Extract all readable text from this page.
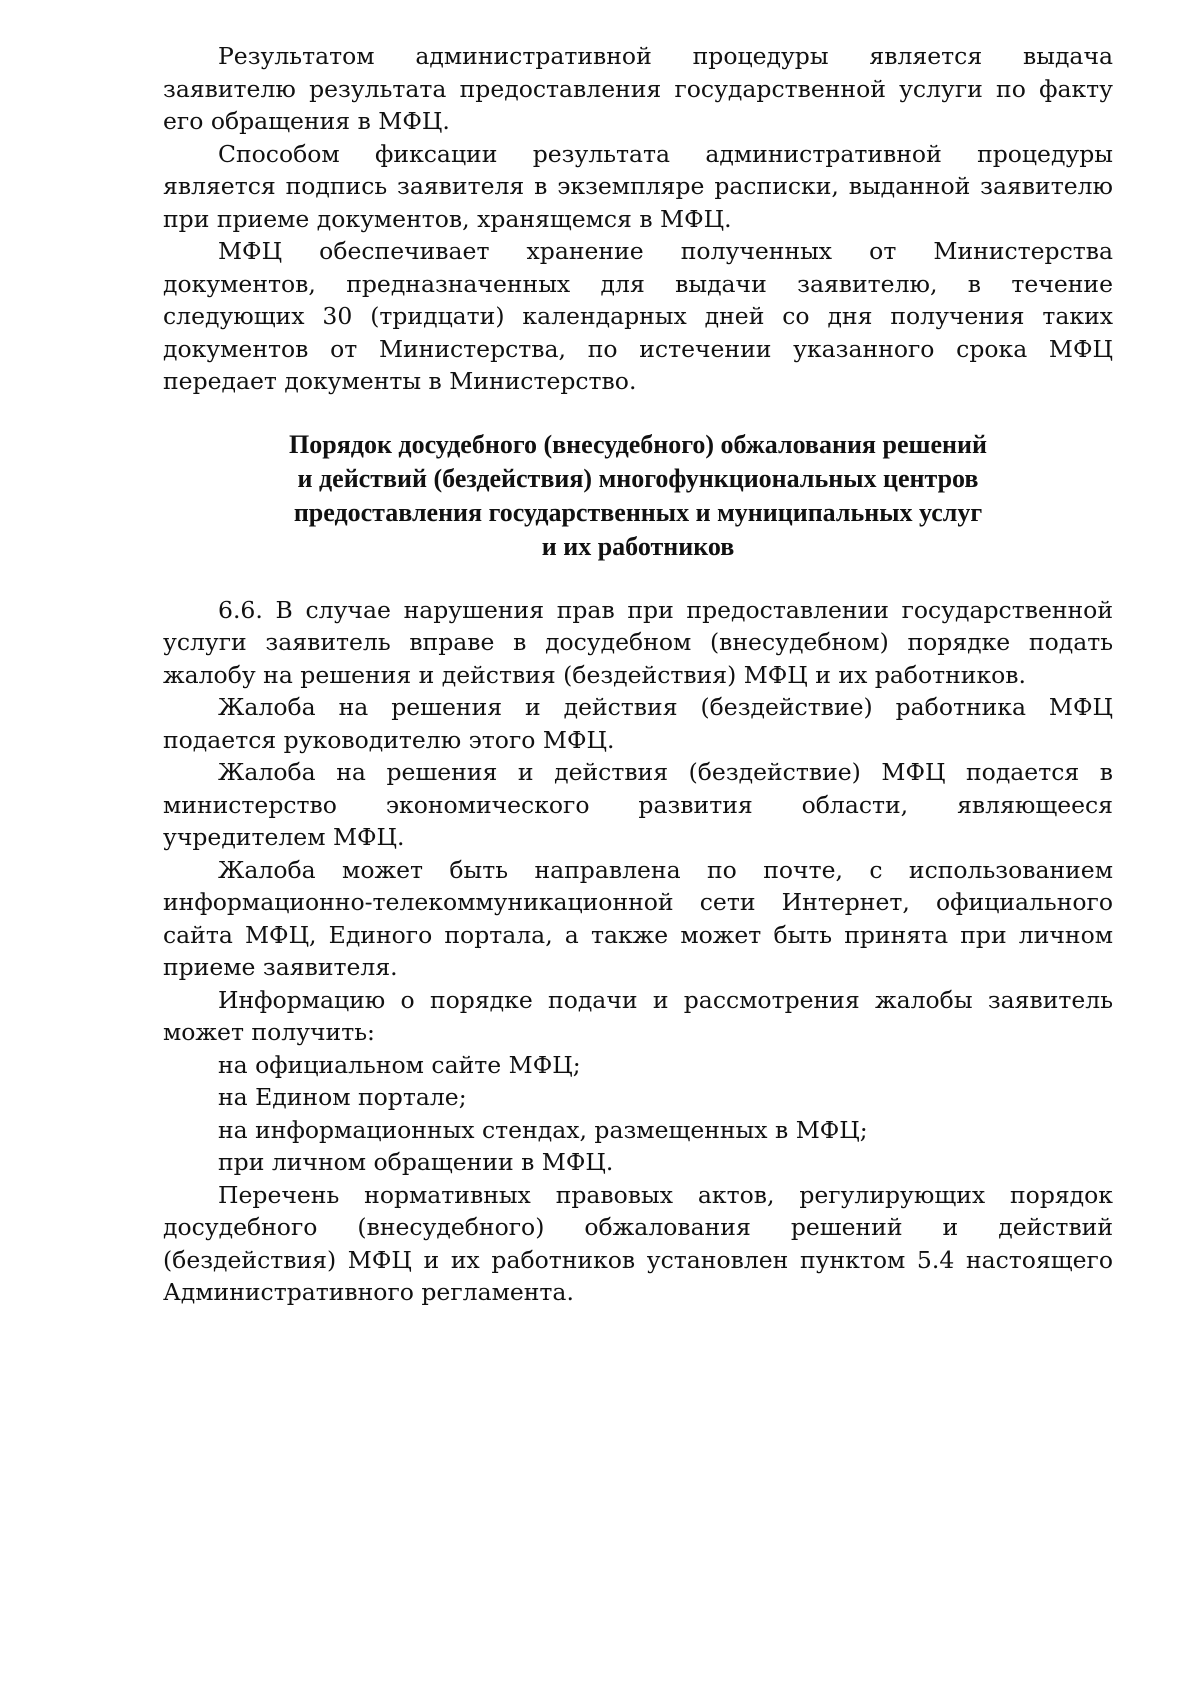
Результатом административной процедуры является выдача заявителю результата предоставления государственной услуги по факту его обращения в МФЦ.

Способом фиксации результата административной процедуры является подпись заявителя в экземпляре расписки, выданной заявителю при приеме документов, хранящемся в МФЦ.

МФЦ обеспечивает хранение полученных от Министерства документов, предназначенных для выдачи заявителю, в течение следующих 30 (тридцати) календарных дней со дня получения таких документов от Министерства, по истечении указанного срока МФЦ передает документы в Министерство.

Порядок досудебного (внесудебного) обжалования решений
и действий (бездействия) многофункциональных центров
предоставления государственных и муниципальных услуг
и их работников

6.6. В случае нарушения прав при предоставлении государственной услуги заявитель вправе в досудебном (внесудебном) порядке подать жалобу на решения и действия (бездействия) МФЦ и их работников.

Жалоба на решения и действия (бездействие) работника МФЦ подается руководителю этого МФЦ.

Жалоба на решения и действия (бездействие) МФЦ подается в министерство экономического развития области, являющееся учредителем МФЦ.

Жалоба может быть направлена по почте, с использованием информационно-телекоммуникационной сети Интернет, официального сайта МФЦ, Единого портала, а также может быть принята при личном приеме заявителя.

Информацию о порядке подачи и рассмотрения жалобы заявитель может получить:

на официальном сайте МФЦ;

на Едином портале;

на информационных стендах, размещенных в МФЦ;

при личном обращении в МФЦ.

Перечень нормативных правовых актов, регулирующих порядок досудебного (внесудебного) обжалования решений и действий (бездействия) МФЦ и их работников установлен пунктом 5.4 настоящего Административного регламента.
